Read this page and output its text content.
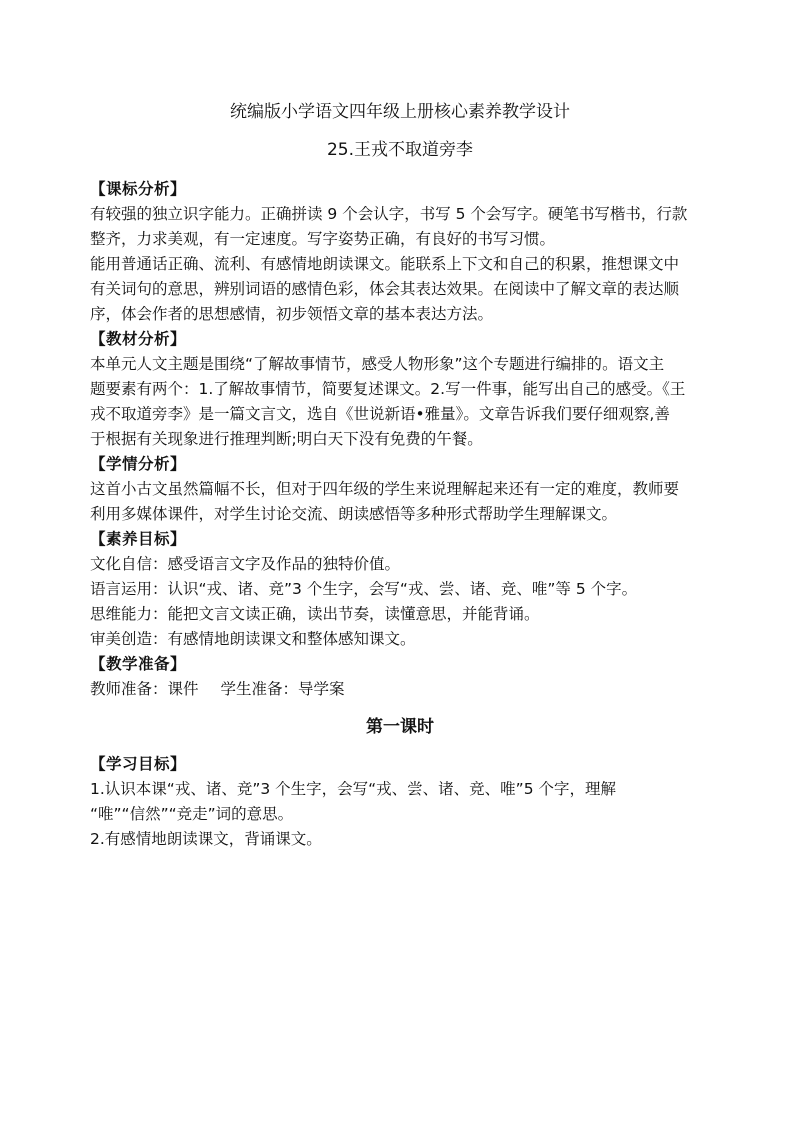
统编版小学语文四年级上册核心素养教学设计
25.王戎不取道旁李
【课标分析】
有较强的独立识字能力。正确拼读 9 个会认字，书写 5 个会写字。硬笔书写楷书，行款
整齐，力求美观，有一定速度。写字姿势正确，有良好的书写习惯。
能用普通话正确、流利、有感情地朗读课文。能联系上下文和自己的积累，推想课文中
有关词句的意思，辨别词语的感情色彩，体会其表达效果。在阅读中了解文章的表达顺
序，体会作者的思想感情，初步领悟文章的基本表达方法。
【教材分析】
本单元人文主题是围绕“了解故事情节，感受人物形象”这个专题进行编排的。语文主
题要素有两个：1.了解故事情节，简要复述课文。2.写一件事，能写出自己的感受。《王
戎不取道旁李》是一篇文言文，选自《世说新语•雅量》。文章告诉我们要仔细观察,善
于根据有关现象进行推理判断;明白天下没有免费的午餐。
【学情分析】
这首小古文虽然篇幅不长，但对于四年级的学生来说理解起来还有一定的难度，教师要
利用多媒体课件，对学生讨论交流、朗读感悟等多种形式帮助学生理解课文。
【素养目标】
文化自信：感受语言文字及作品的独特价值。
语言运用：认识“戎、诸、竞”3 个生字，会写“戎、尝、诸、竞、唯”等 5 个字。
思维能力：能把文言文读正确，读出节奏，读懂意思，并能背诵。
审美创造：有感情地朗读课文和整体感知课文。
【教学准备】
教师准备：课件 学生准备：导学案
第一课时
【学习目标】
1.认识本课“戎、诸、竞”3 个生字，会写“戎、尝、诸、竞、唯”5 个字，理解
“唯”“信然”“竞走”词的意思。
2.有感情地朗读课文，背诵课文。
